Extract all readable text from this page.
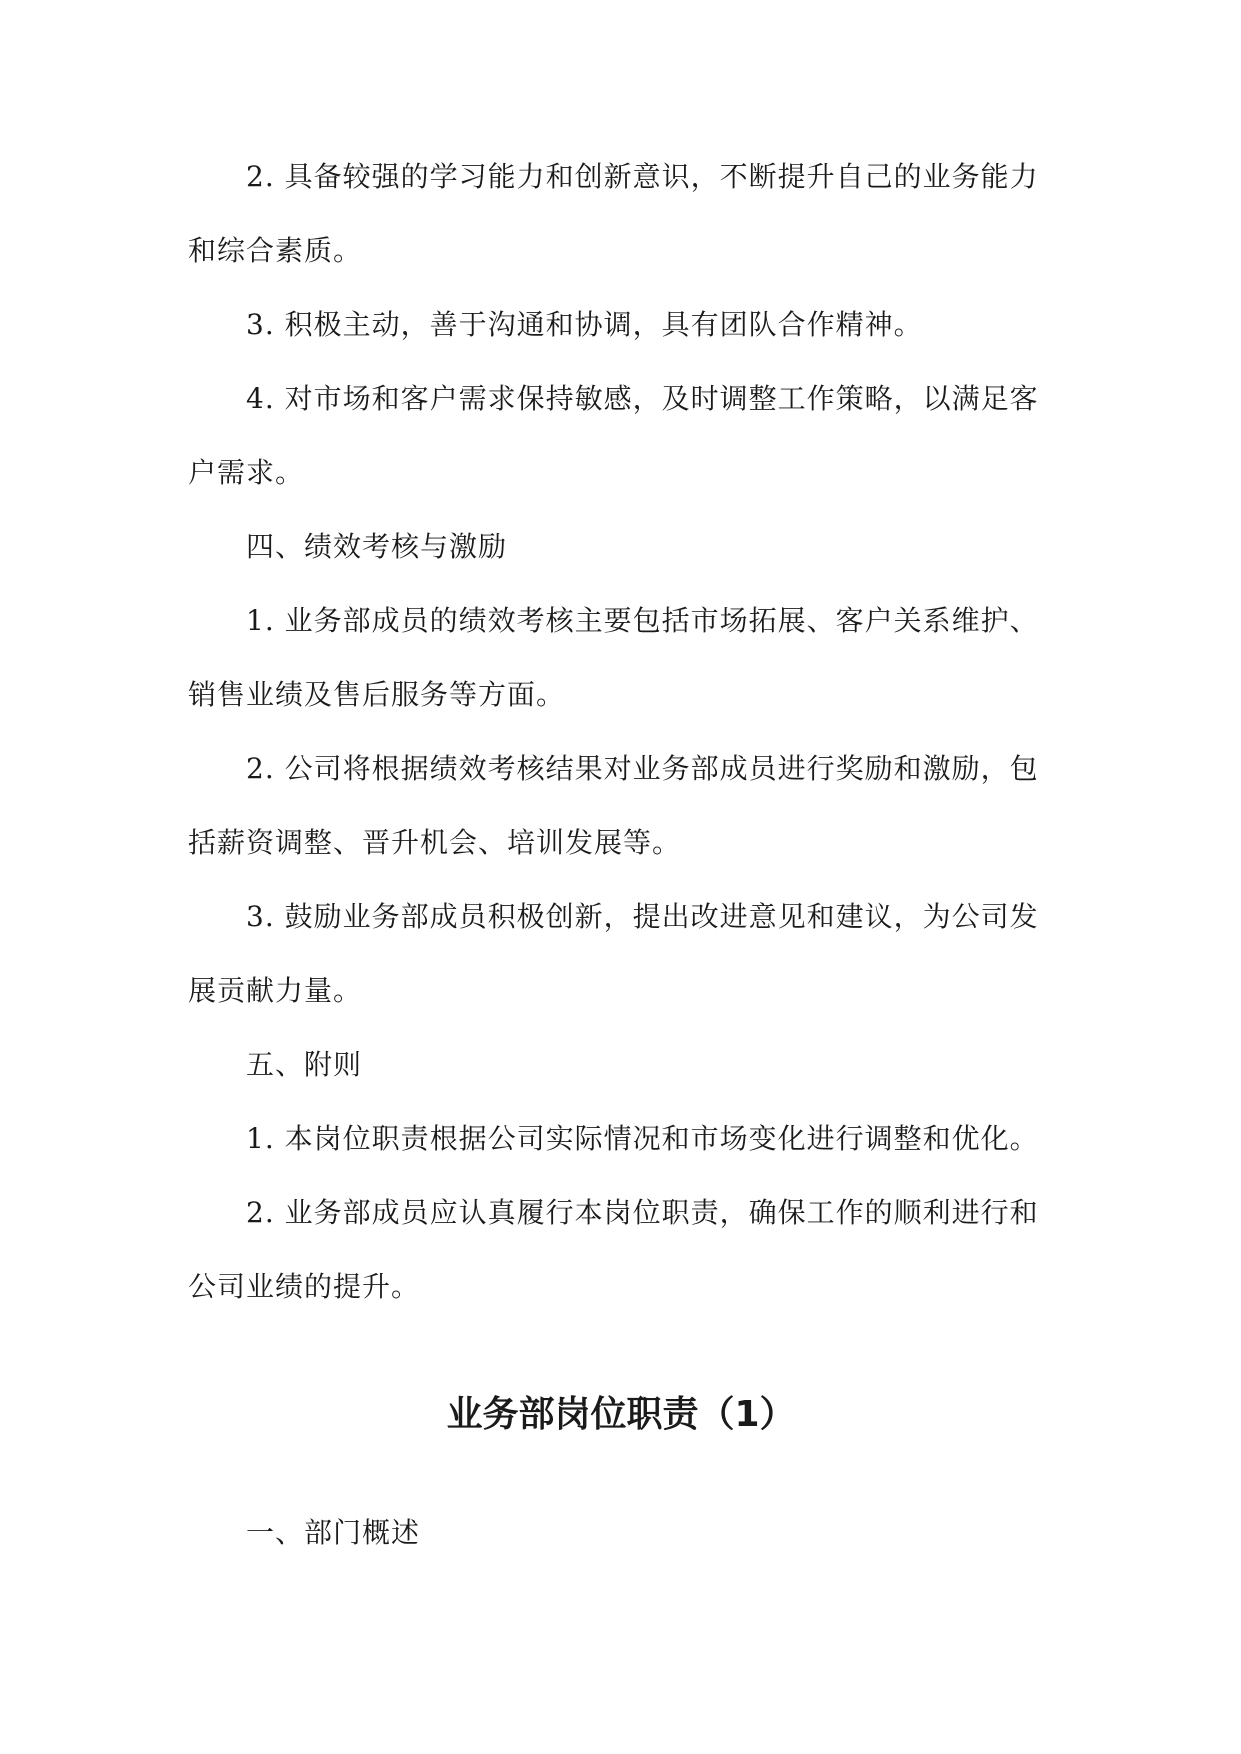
2. 具备较强的学习能力和创新意识，不断提升自己的业务能力和综合素质。

3. 积极主动，善于沟通和协调，具有团队合作精神。

4. 对市场和客户需求保持敏感，及时调整工作策略，以满足客户需求。

四、绩效考核与激励

1. 业务部成员的绩效考核主要包括市场拓展、客户关系维护、销售业绩及售后服务等方面。

2. 公司将根据绩效考核结果对业务部成员进行奖励和激励，包括薪资调整、晋升机会、培训发展等。

3. 鼓励业务部成员积极创新，提出改进意见和建议，为公司发展贡献力量。

五、附则

1. 本岗位职责根据公司实际情况和市场变化进行调整和优化。

2. 业务部成员应认真履行本岗位职责，确保工作的顺利进行和公司业绩的提升。

业务部岗位职责（1）

一、部门概述
